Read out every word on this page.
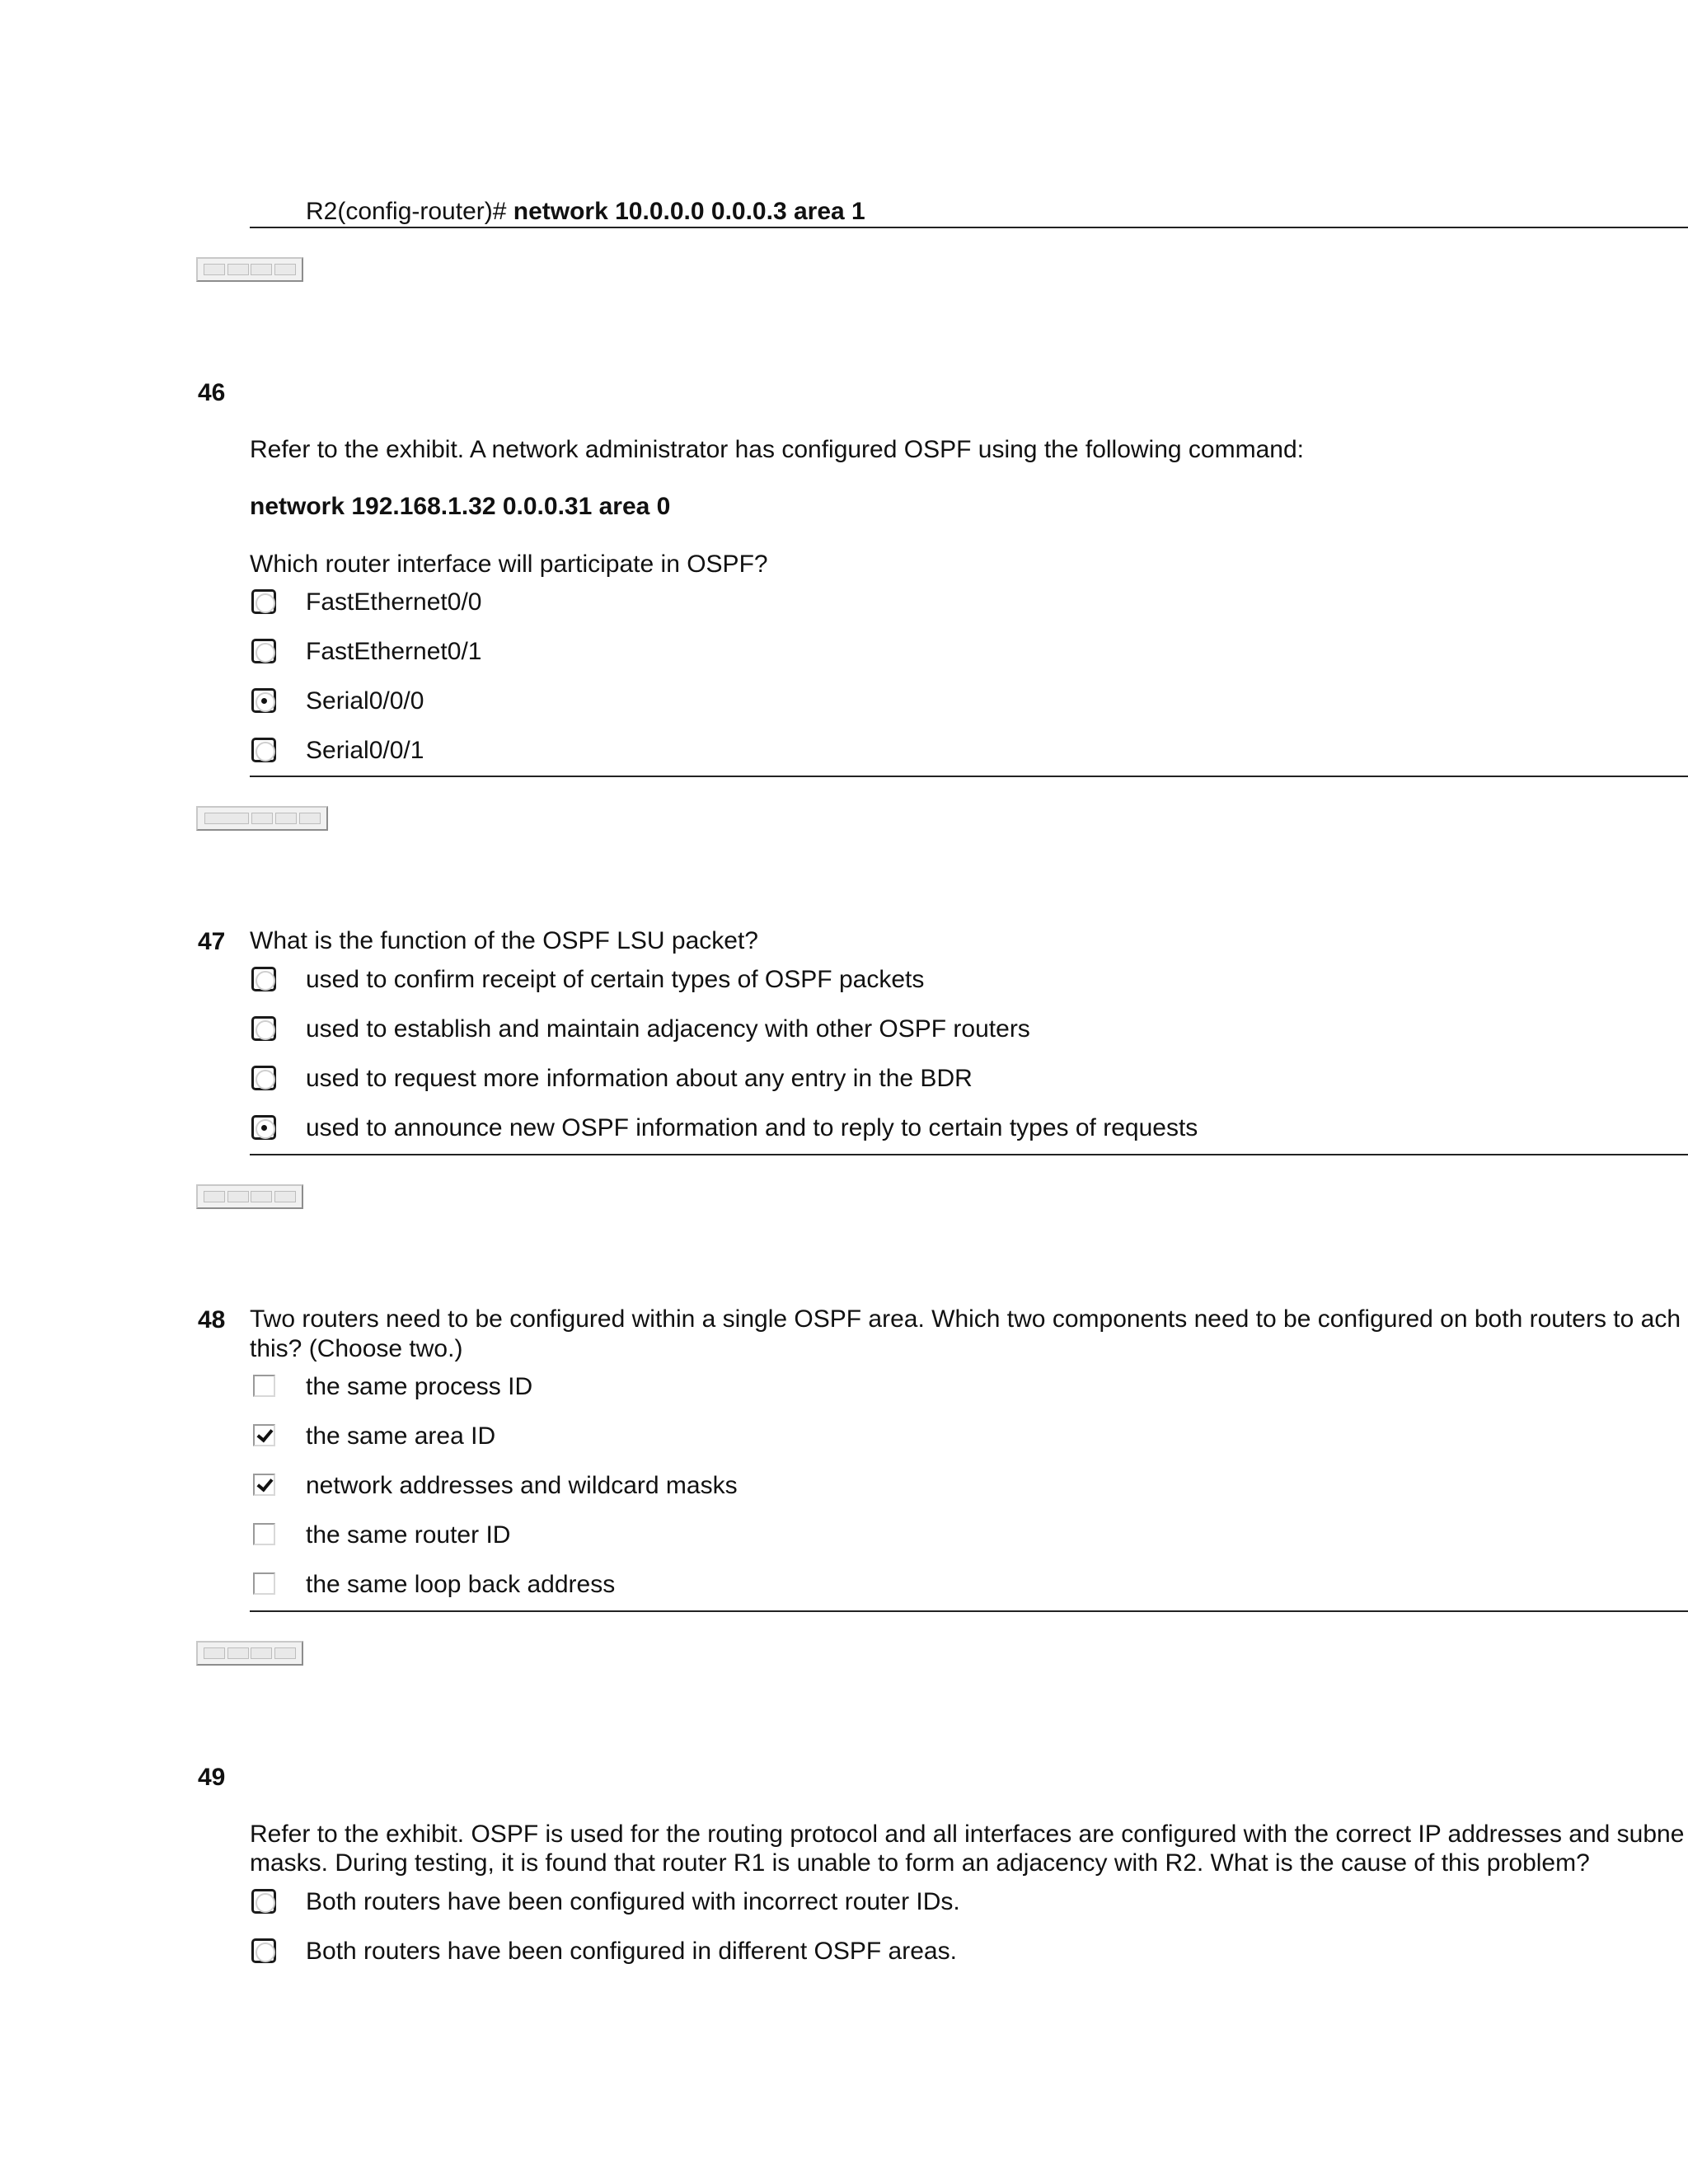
R2(config-router)# network 10.0.0.0 0.0.0.3 area 1
46
Refer to the exhibit. A network administrator has configured OSPF using the following command:
network 192.168.1.32 0.0.0.31 area 0
Which router interface will participate in OSPF?
FastEthernet0/0
FastEthernet0/1
Serial0/0/0
Serial0/0/1
47 What is the function of the OSPF LSU packet?
used to confirm receipt of certain types of OSPF packets
used to establish and maintain adjacency with other OSPF routers
used to request more information about any entry in the BDR
used to announce new OSPF information and to reply to certain types of requests
48 Two routers need to be configured within a single OSPF area. Which two components need to be configured on both routers to ach
this? (Choose two.)
the same process ID
the same area ID
network addresses and wildcard masks
the same router ID
the same loop back address
49
Refer to the exhibit. OSPF is used for the routing protocol and all interfaces are configured with the correct IP addresses and subne
masks. During testing, it is found that router R1 is unable to form an adjacency with R2. What is the cause of this problem?
Both routers have been configured with incorrect router IDs.
Both routers have been configured in different OSPF areas.
